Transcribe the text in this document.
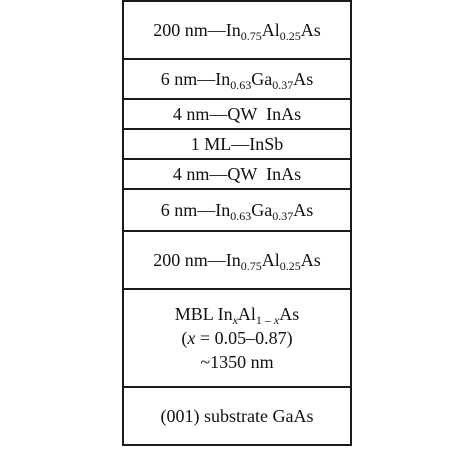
200 $nm—In_{0.75}Al_{0.25}As$
6 $nm—In_{0.63}Ga_{0.37}As$
4 nm—QW  InAs
1 ML—InSb
4 nm—QW  InAs
6 $nm—In_{0.63}Ga_{0.37}As$
200 $nm—In_{0.75}Al_{0.25}As$
MBL $In_xAl_{1 - x}As$
(x = 0.05–0.87)
~1350 nm
(001) substrate GaAs
